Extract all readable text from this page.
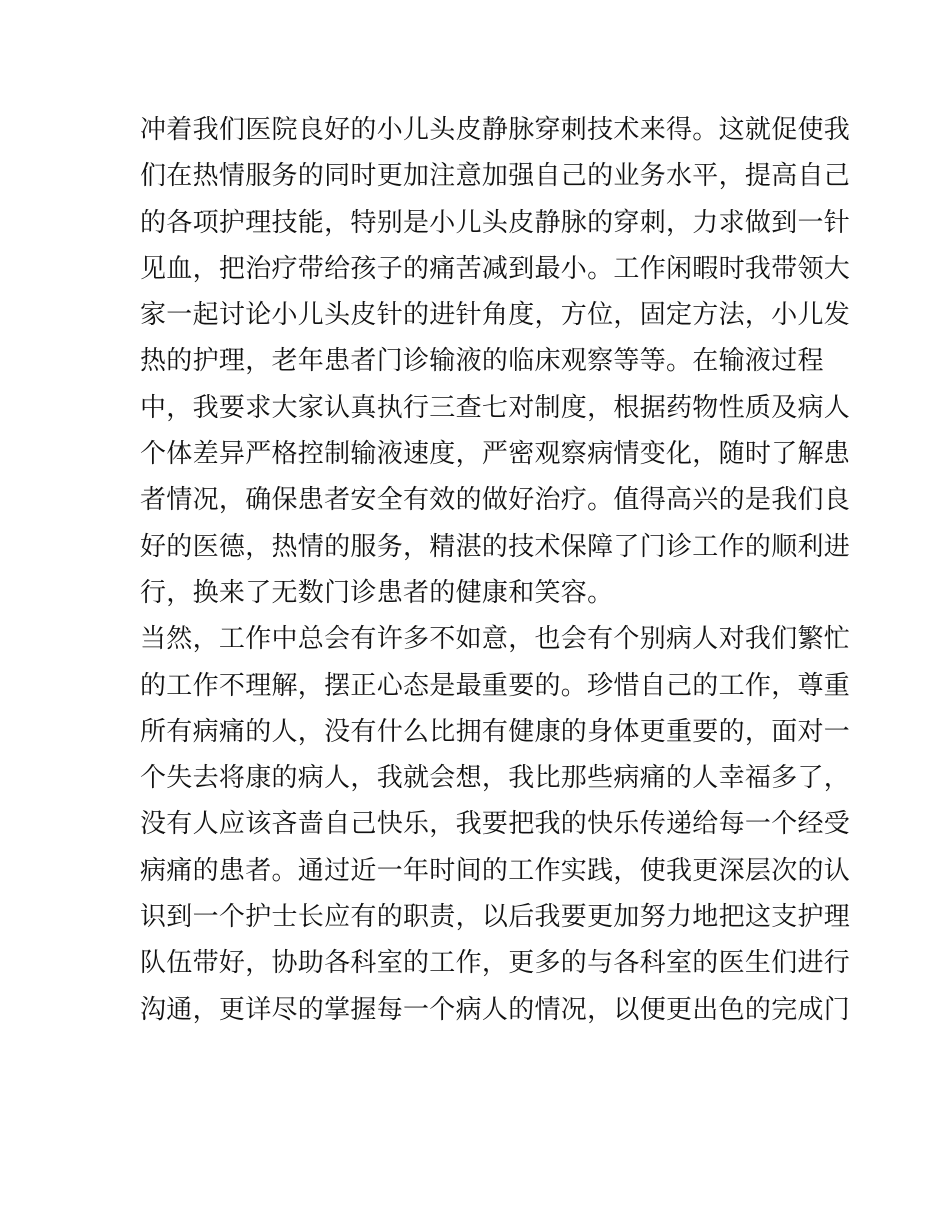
冲着我们医院良好的小儿头皮静脉穿刺技术来得。这就促使我
们在热情服务的同时更加注意加强自己的业务水平，提高自己
的各项护理技能，特别是小儿头皮静脉的穿刺，力求做到一针
见血，把治疗带给孩子的痛苦减到最小。工作闲暇时我带领大
家一起讨论小儿头皮针的进针角度，方位，固定方法，小儿发
热的护理，老年患者门诊输液的临床观察等等。在输液过程
中，我要求大家认真执行三查七对制度，根据药物性质及病人
个体差异严格控制输液速度，严密观察病情变化，随时了解患
者情况，确保患者安全有效的做好治疗。值得高兴的是我们良
好的医德，热情的服务，精湛的技术保障了门诊工作的顺利进
行，换来了无数门诊患者的健康和笑容。
当然，工作中总会有许多不如意，也会有个别病人对我们繁忙
的工作不理解，摆正心态是最重要的。珍惜自己的工作，尊重
所有病痛的人，没有什么比拥有健康的身体更重要的，面对一
个失去将康的病人，我就会想，我比那些病痛的人幸福多了，
没有人应该吝啬自己快乐，我要把我的快乐传递给每一个经受
病痛的患者。通过近一年时间的工作实践，使我更深层次的认
识到一个护士长应有的职责，以后我要更加努力地把这支护理
队伍带好，协助各科室的工作，更多的与各科室的医生们进行
沟通，更详尽的掌握每一个病人的情况，以便更出色的完成门
